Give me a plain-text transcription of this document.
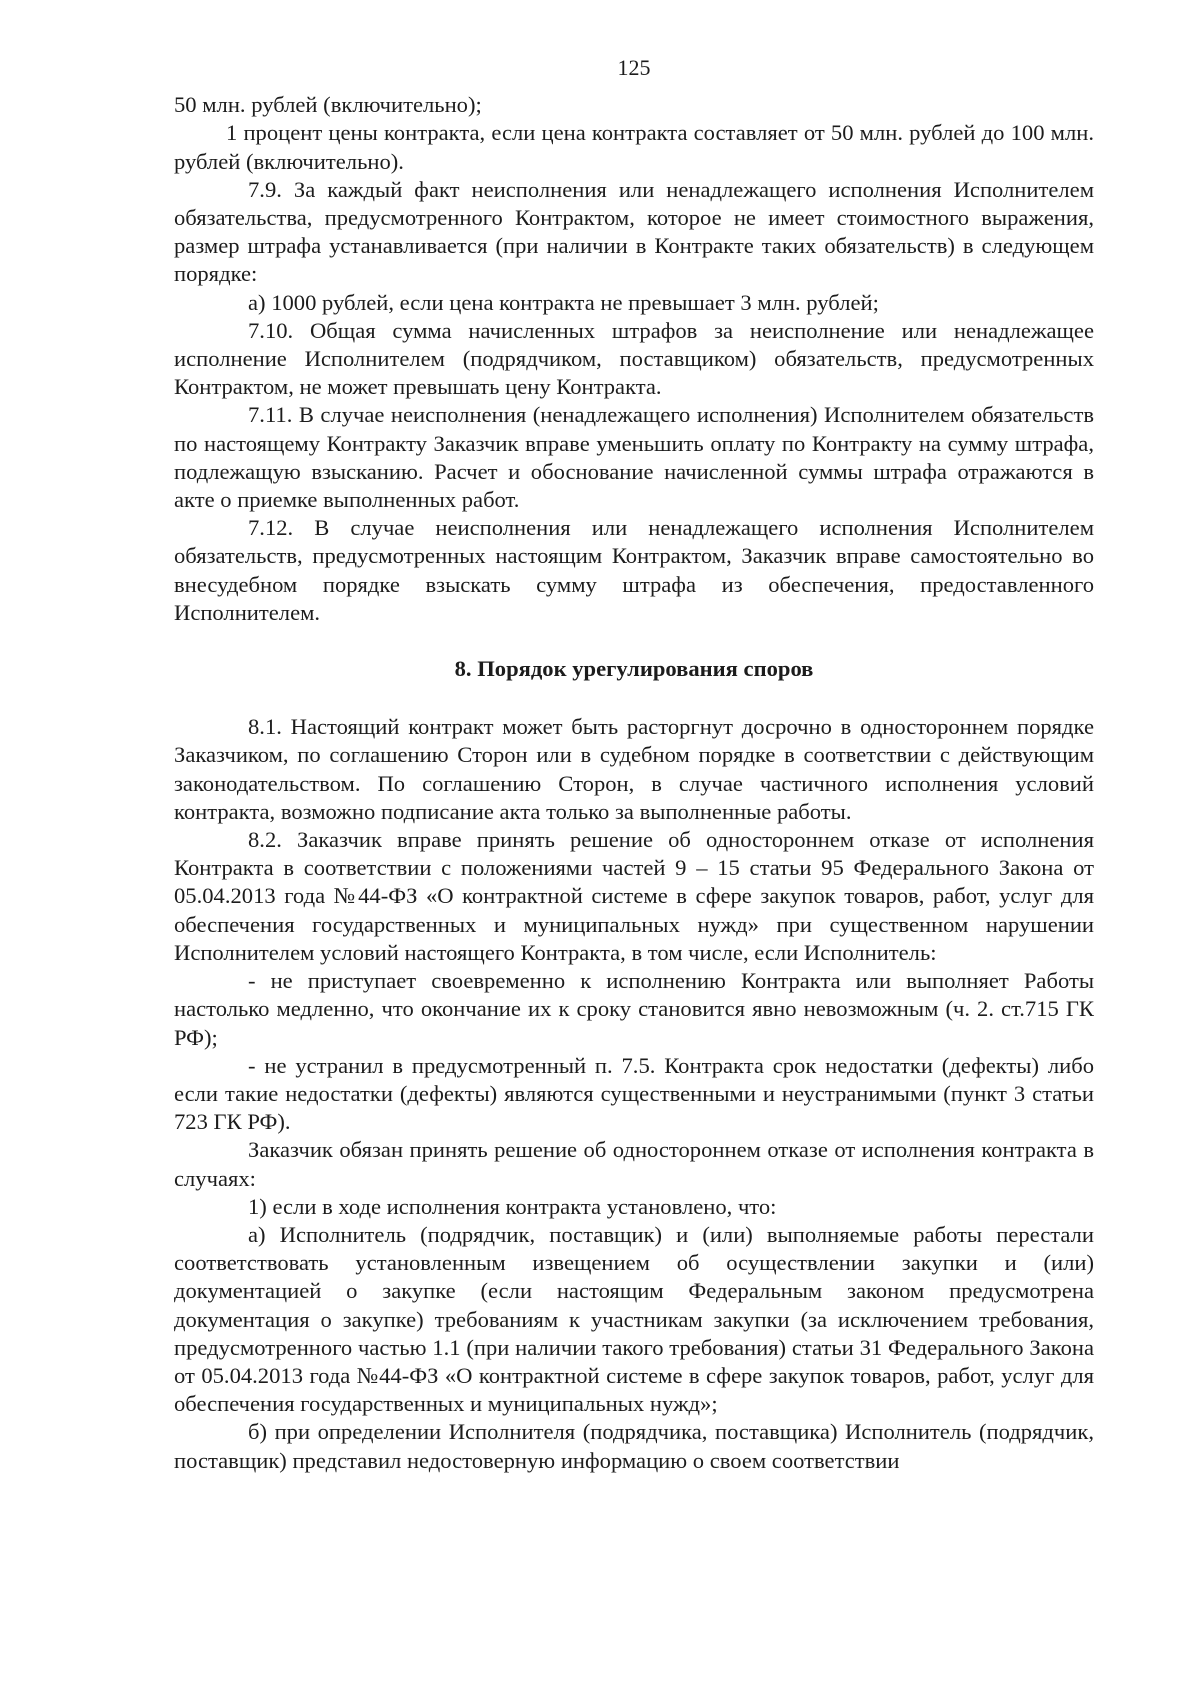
125

50 млн. рублей (включительно);

1 процент цены контракта, если цена контракта составляет от 50 млн. рублей до 100 млн. рублей (включительно).

7.9. За каждый факт неисполнения или ненадлежащего исполнения Исполнителем обязательства, предусмотренного Контрактом, которое не имеет стоимостного выражения, размер штрафа устанавливается (при наличии в Контракте таких обязательств) в следующем порядке:

а) 1000 рублей, если цена контракта не превышает 3 млн. рублей;

7.10. Общая сумма начисленных штрафов за неисполнение или ненадлежащее исполнение Исполнителем (подрядчиком, поставщиком) обязательств, предусмотренных Контрактом, не может превышать цену Контракта.

7.11. В случае неисполнения (ненадлежащего исполнения) Исполнителем обязательств по настоящему Контракту Заказчик вправе уменьшить оплату по Контракту на сумму штрафа, подлежащую взысканию. Расчет и обоснование начисленной суммы штрафа отражаются в акте о приемке выполненных работ.

7.12. В случае неисполнения или ненадлежащего исполнения Исполнителем обязательств, предусмотренных настоящим Контрактом, Заказчик вправе самостоятельно во внесудебном порядке взыскать сумму штрафа из обеспечения, предоставленного Исполнителем.

8. Порядок урегулирования споров

8.1. Настоящий контракт может быть расторгнут досрочно в одностороннем порядке Заказчиком, по соглашению Сторон или в судебном порядке в соответствии с действующим законодательством. По соглашению Сторон, в случае частичного исполнения условий контракта, возможно подписание акта только за выполненные работы.

8.2. Заказчик вправе принять решение об одностороннем отказе от исполнения Контракта в соответствии с положениями частей 9 – 15 статьи 95 Федерального Закона от 05.04.2013 года №44-ФЗ «О контрактной системе в сфере закупок товаров, работ, услуг для обеспечения государственных и муниципальных нужд» при существенном нарушении Исполнителем условий настоящего Контракта, в том числе, если Исполнитель:

- не приступает своевременно к исполнению Контракта или выполняет Работы настолько медленно, что окончание их к сроку становится явно невозможным (ч. 2. ст.715 ГК РФ);

- не устранил в предусмотренный п. 7.5. Контракта срок недостатки (дефекты) либо если такие недостатки (дефекты) являются существенными и неустранимыми (пункт 3 статьи 723 ГК РФ).

Заказчик обязан принять решение об одностороннем отказе от исполнения контракта в случаях:

1) если в ходе исполнения контракта установлено, что:

а) Исполнитель (подрядчик, поставщик) и (или) выполняемые работы перестали соответствовать установленным извещением об осуществлении закупки и (или) документацией о закупке (если настоящим Федеральным законом предусмотрена документация о закупке) требованиям к участникам закупки (за исключением требования, предусмотренного частью 1.1 (при наличии такого требования) статьи 31 Федерального Закона от 05.04.2013 года №44-ФЗ «О контрактной системе в сфере закупок товаров, работ, услуг для обеспечения государственных и муниципальных нужд»;

б) при определении Исполнителя (подрядчика, поставщика) Исполнитель (подрядчик, поставщик) представил недостоверную информацию о своем соответствии
